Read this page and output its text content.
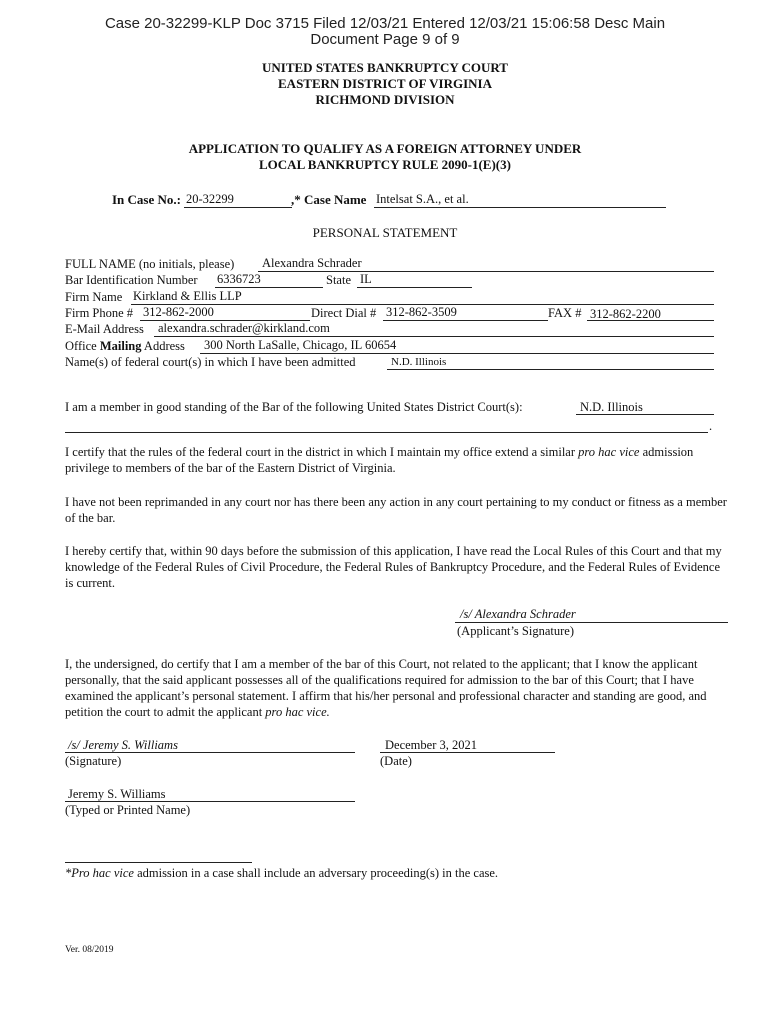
Case 20-32299-KLP Doc 3715 Filed 12/03/21 Entered 12/03/21 15:06:58 Desc Main
Document Page 9 of 9
UNITED STATES BANKRUPTCY COURT
EASTERN DISTRICT OF VIRGINIA
RICHMOND DIVISION
APPLICATION TO QUALIFY AS A FOREIGN ATTORNEY UNDER
LOCAL BANKRUPTCY RULE 2090-1(E)(3)
In Case No.: 20-32299	,* Case Name Intelsat S.A., et al.
PERSONAL STATEMENT
FULL NAME (no initials, please) Alexandra Schrader
Bar Identification Number 6336723	State IL
Firm Name Kirkland & Ellis LLP
Firm Phone # 312-862-2000	Direct Dial # 312-862-3509	FAX # 312-862-2200
E-Mail Address alexandra.schrader@kirkland.com
Office Mailing Address 300 North LaSalle, Chicago, IL 60654
Name(s) of federal court(s) in which I have been admitted	N.D. Illinois
I am a member in good standing of the Bar of the following United States District Court(s):	N.D. Illinois
.
I certify that the rules of the federal court in the district in which I maintain my office extend a similar pro hac vice admission privilege to members of the bar of the Eastern District of Virginia.
I have not been reprimanded in any court nor has there been any action in any court pertaining to my conduct or fitness as a member of the bar.
I hereby certify that, within 90 days before the submission of this application, I have read the Local Rules of this Court and that my knowledge of the Federal Rules of Civil Procedure, the Federal Rules of Bankruptcy Procedure, and the Federal Rules of Evidence is current.
/s/ Alexandra Schrader
(Applicant’s Signature)
I, the undersigned, do certify that I am a member of the bar of this Court, not related to the applicant; that I know the applicant personally, that the said applicant possesses all of the qualifications required for admission to the bar of this Court; that I have examined the applicant’s personal statement. I affirm that his/her personal and professional character and standing are good, and petition the court to admit the applicant pro hac vice.
/s/ Jeremy S. Williams
(Signature)
December 3, 2021
(Date)
Jeremy S. Williams
(Typed or Printed Name)
*Pro hac vice admission in a case shall include an adversary proceeding(s) in the case.
Ver. 08/2019
